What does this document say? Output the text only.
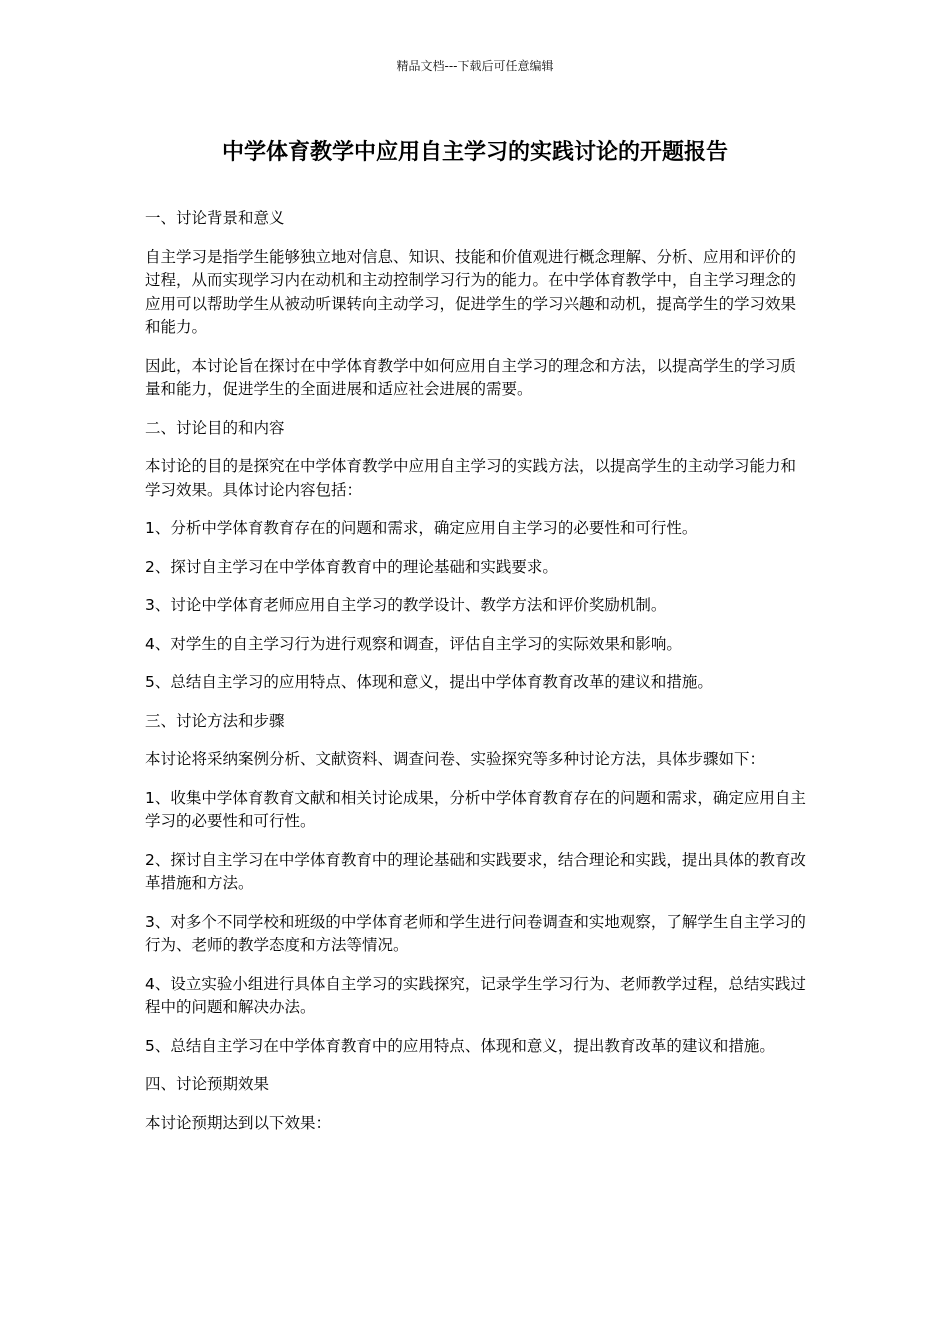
精品文档---下载后可任意编辑
中学体育教学中应用自主学习的实践讨论的开题报告

一、讨论背景和意义

自主学习是指学生能够独立地对信息、知识、技能和价值观进行概念理解、分析、应用和评价的过程，从而实现学习内在动机和主动控制学习行为的能力。在中学体育教学中，自主学习理念的应用可以帮助学生从被动听课转向主动学习，促进学生的学习兴趣和动机，提高学生的学习效果和能力。

因此，本讨论旨在探讨在中学体育教学中如何应用自主学习的理念和方法，以提高学生的学习质量和能力，促进学生的全面进展和适应社会进展的需要。

二、讨论目的和内容

本讨论的目的是探究在中学体育教学中应用自主学习的实践方法，以提高学生的主动学习能力和学习效果。具体讨论内容包括：

1、分析中学体育教育存在的问题和需求，确定应用自主学习的必要性和可行性。

2、探讨自主学习在中学体育教育中的理论基础和实践要求。

3、讨论中学体育老师应用自主学习的教学设计、教学方法和评价奖励机制。

4、对学生的自主学习行为进行观察和调查，评估自主学习的实际效果和影响。

5、总结自主学习的应用特点、体现和意义，提出中学体育教育改革的建议和措施。

三、讨论方法和步骤

本讨论将采纳案例分析、文献资料、调查问卷、实验探究等多种讨论方法，具体步骤如下：

1、收集中学体育教育文献和相关讨论成果，分析中学体育教育存在的问题和需求，确定应用自主学习的必要性和可行性。

2、探讨自主学习在中学体育教育中的理论基础和实践要求，结合理论和实践，提出具体的教育改革措施和方法。

3、对多个不同学校和班级的中学体育老师和学生进行问卷调查和实地观察，了解学生自主学习的行为、老师的教学态度和方法等情况。

4、设立实验小组进行具体自主学习的实践探究，记录学生学习行为、老师教学过程，总结实践过程中的问题和解决办法。

5、总结自主学习在中学体育教育中的应用特点、体现和意义，提出教育改革的建议和措施。

四、讨论预期效果

本讨论预期达到以下效果：
